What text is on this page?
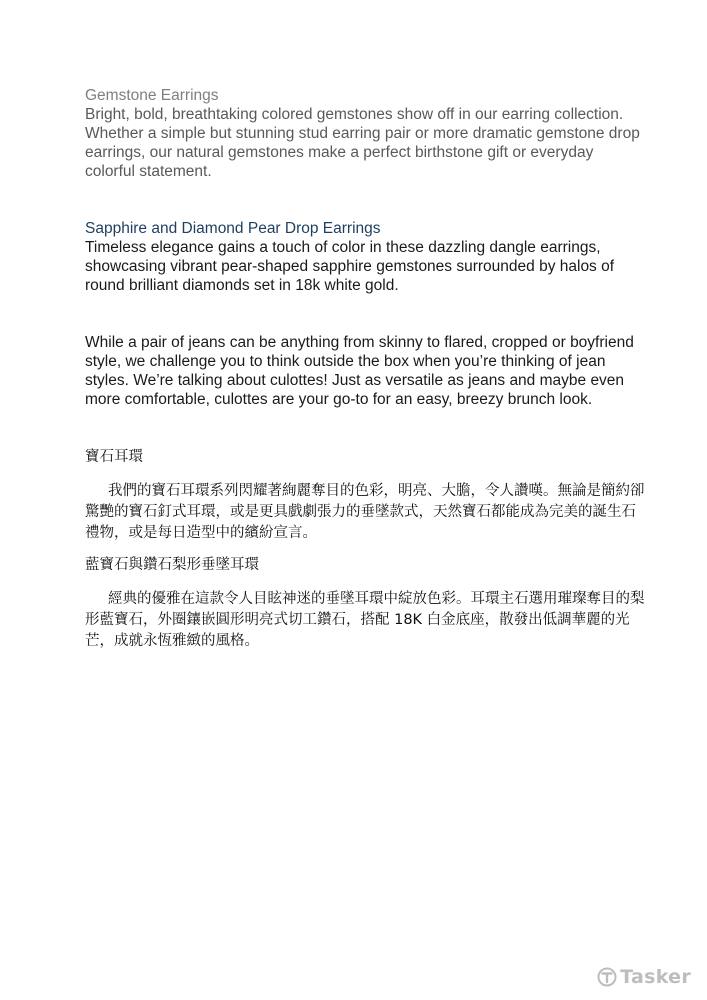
Gemstone Earrings

Bright, bold, breathtaking colored gemstones show off in our earring collection. Whether a simple but stunning stud earring pair or more dramatic gemstone drop earrings, our natural gemstones make a perfect birthstone gift or everyday colorful statement.

Sapphire and Diamond Pear Drop Earrings

Timeless elegance gains a touch of color in these dazzling dangle earrings, showcasing vibrant pear-shaped sapphire gemstones surrounded by halos of round brilliant diamonds set in 18k white gold.

While a pair of jeans can be anything from skinny to flared, cropped or boyfriend style, we challenge you to think outside the box when you’re thinking of jean styles. We’re talking about culottes! Just as versatile as jeans and maybe even more comfortable, culottes are your go-to for an easy, breezy brunch look.

寶石耳環

我們的寶石耳環系列閃耀著絢麗奪目的色彩，明亮、大膽，令人讚嘆。無論是簡約卻驚艷的寶石釘式耳環，或是更具戲劇張力的垂墜款式，天然寶石都能成為完美的誕生石禮物，或是每日造型中的繽紛宣言。

藍寶石與鑽石梨形垂墜耳環

經典的優雅在這款令人目眩神迷的垂墜耳環中綻放色彩。耳環主石選用璀璨奪目的梨形藍寶石，外圈鑲嵌圓形明亮式切工鑽石，搭配 18K 白金底座，散發出低調華麗的光芒，成就永恆雅緻的風格。

Tasker
